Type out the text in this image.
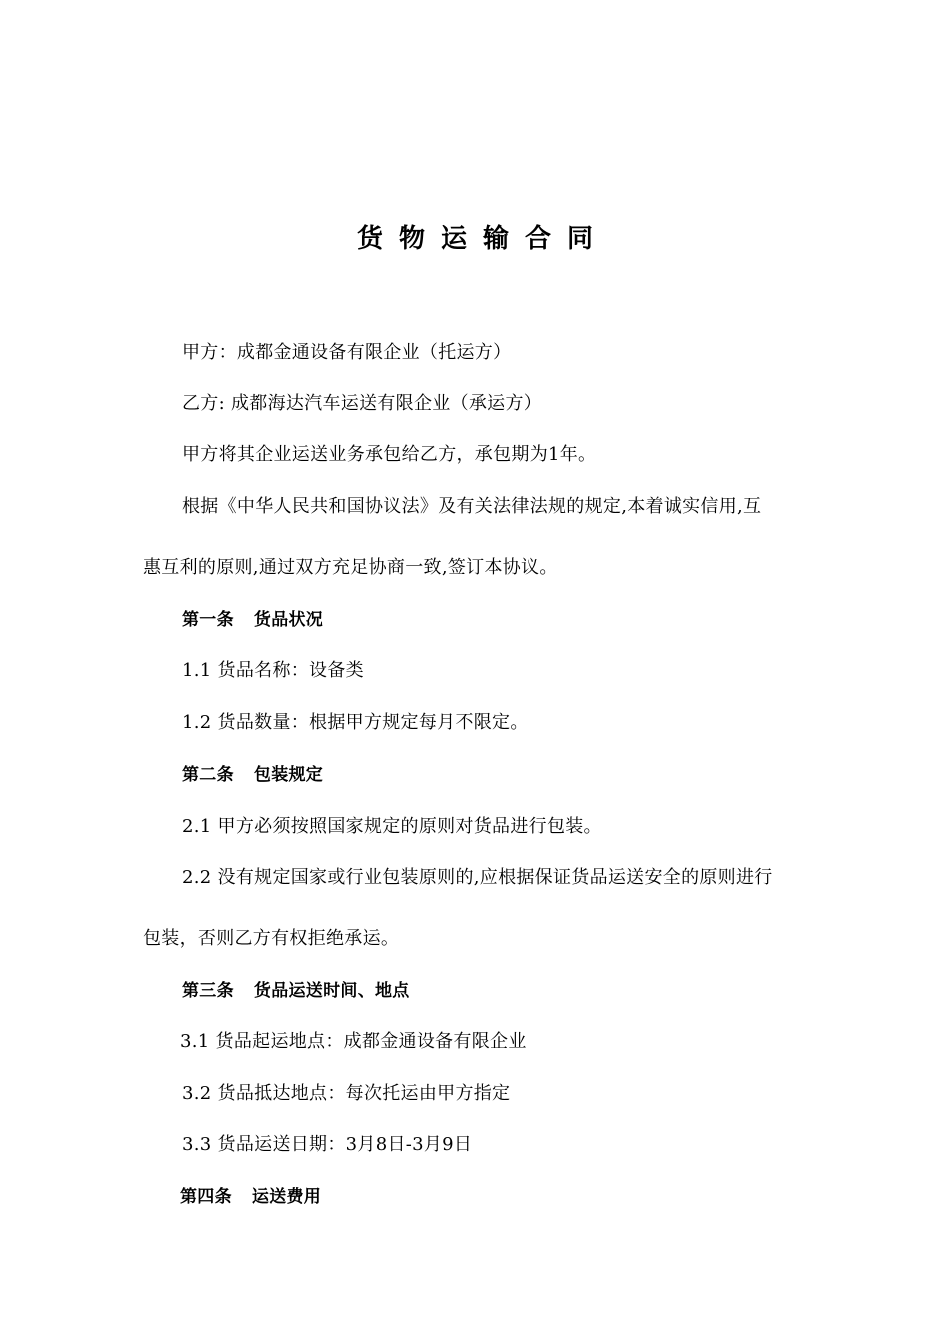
货物运输合同
甲方：成都金通设备有限企业（托运方）
乙方: 成都海达汽车运送有限企业（承运方）
甲方将其企业运送业务承包给乙方，承包期为1年。
根据《中华人民共和国协议法》及有关法律法规的规定,本着诚实信用,互
惠互利的原则,通过双方充足协商一致,签订本协议。
第一条 货品状况
1.1 货品名称：设备类
1.2 货品数量：根据甲方规定每月不限定。
第二条 包装规定
2.1 甲方必须按照国家规定的原则对货品进行包装。
2.2 没有规定国家或行业包装原则的,应根据保证货品运送安全的原则进行
包装，否则乙方有权拒绝承运。
第三条 货品运送时间、地点
3.1 货品起运地点：成都金通设备有限企业
3.2 货品抵达地点：每次托运由甲方指定
3.3 货品运送日期：3月8日-3月9日
第四条 运送费用
